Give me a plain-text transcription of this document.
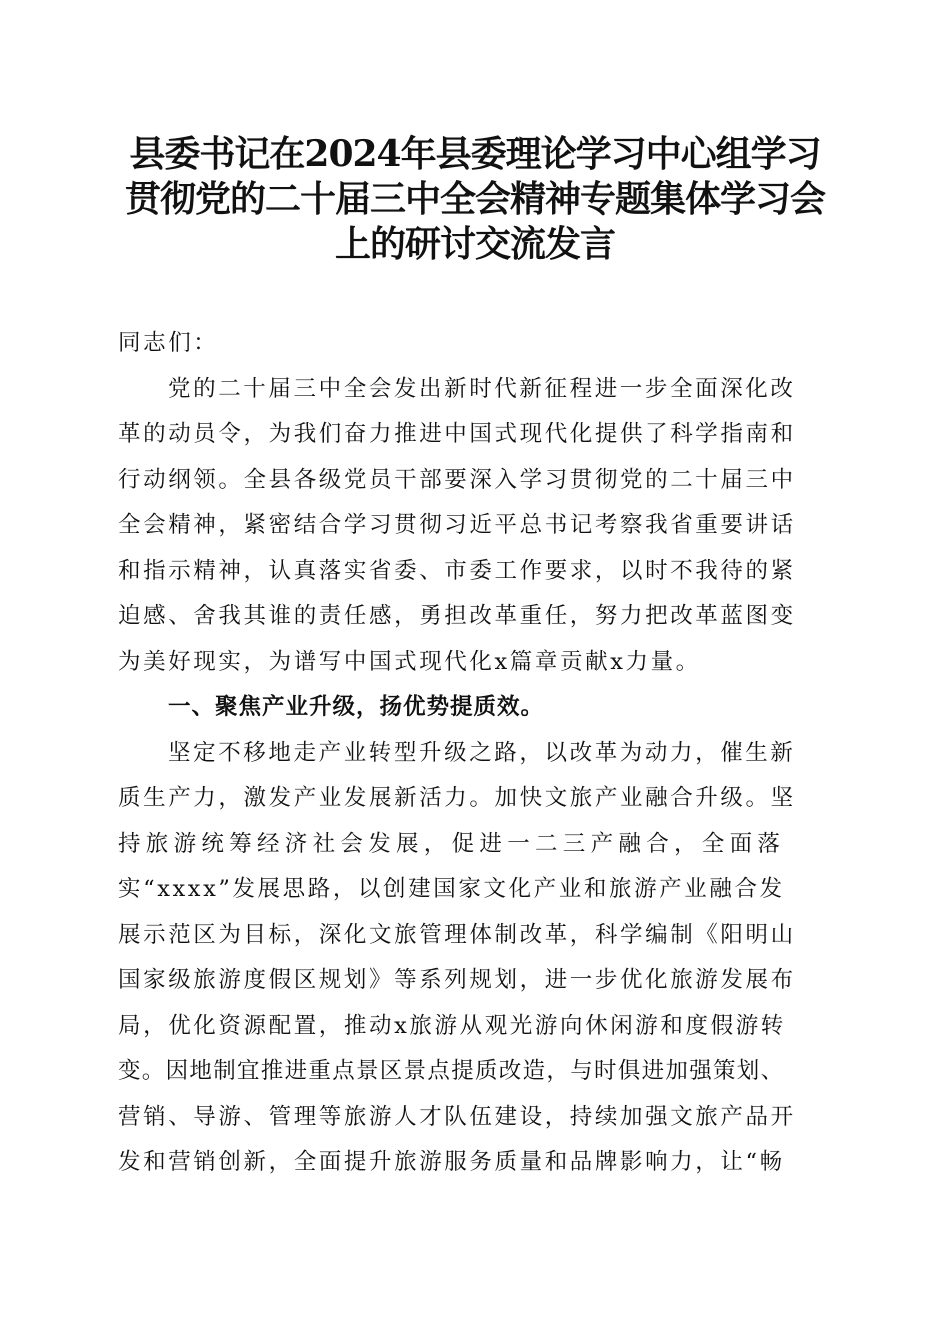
县委书记在2024年县委理论学习中心组学习
贯彻党的二十届三中全会精神专题集体学习会
上的研讨交流发言
同志们：
党的二十届三中全会发出新时代新征程进一步全面深化改
革的动员令，为我们奋力推进中国式现代化提供了科学指南和
行动纲领。全县各级党员干部要深入学习贯彻党的二十届三中
全会精神，紧密结合学习贯彻习近平总书记考察我省重要讲话
和指示精神，认真落实省委、市委工作要求，以时不我待的紧
迫感、舍我其谁的责任感，勇担改革重任，努力把改革蓝图变
为美好现实，为谱写中国式现代化x篇章贡献x力量。
一、聚焦产业升级，扬优势提质效。
坚定不移地走产业转型升级之路，以改革为动力，催生新
质生产力，激发产业发展新活力。加快文旅产业融合升级。坚
持旅游统筹经济社会发展，促进一二三产融合，全面落
实“xxxx”发展思路，以创建国家文化产业和旅游产业融合发
展示范区为目标，深化文旅管理体制改革，科学编制《阳明山
国家级旅游度假区规划》等系列规划，进一步优化旅游发展布
局，优化资源配置，推动x旅游从观光游向休闲游和度假游转
变。因地制宜推进重点景区景点提质改造，与时俱进加强策划、
营销、导游、管理等旅游人才队伍建设，持续加强文旅产品开
发和营销创新，全面提升旅游服务质量和品牌影响力，让“畅
